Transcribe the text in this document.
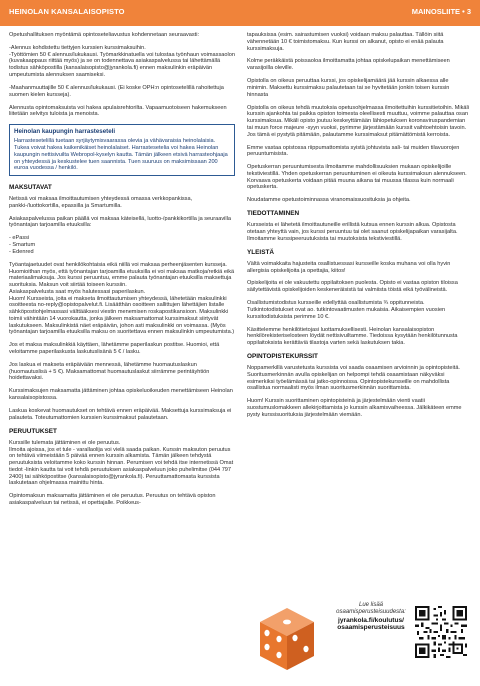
HEINOLAN KANSALAISOPISTO	MAINOSLIITE • 3

Opetushallituksen myöntämä opintoseteliavustus kohdennetaan seuraavasti:

-Alennus kohdistettu tiettyjen kurssien kurssimaksuihin.

-Työttömien 50 € alennus/lukukausi. Työmarkkinatuella voi tulostaa työnhaun voimassaolon (kuvakaappaus riittää myös) ja se on todennettava asiakaspalvelussa tai lähettämällä todistus sähköpostilla (kansalaisopisto@jyrankola.fi) ennen maksulinkin eräpäivän umpeutumista alennuksen saamiseksi.

-Maahanmuuttajille 50 € alennus/lukukausi. (Ei koske OPH:n opintosetelillä rahoitettuja suomen kielen kursseja).

Alennusta opintomaksuista voi hakea apulaisrehtorilta. Vapaamuotoiseen hakemukseen liitetään selvitys tuloista ja menoista.

Heinolan kaupungin harrasteseteli

Harrastesetelillä tuetaan syrjäytymisvaarassa olevia ja vähävaraisia heinolalaisia. Tukea voivat hakea kaikenikäiset heinolalaiset. Harrastesetelia voi hakea Heinolan kaupungin nettisivuilta Webropol-kyselyn kautta. Tämän jälkeen etsivä harrasteohjaaja on yhteydessä ja keskustelee tuen saannista. Tuen suuruus on maksimissaan 200 euroa vuodessa / henkilö.

MAKSUTAVAT

Netissä voi maksaa ilmoittautumisen yhteydessä omassa verkkopankissa, pankki-/luottokortilla, epassilla ja Smartumilla.

Asiakaspalvelussa paikan päällä voi maksaa käteisellä, luotto-/pankkikortilla ja seuraavilla työnantajan tarjoamilla etuuksilla:

- ePassi
- Smartum
- Edenred

Työantajaetuudet ovat henkilökohtaisia eikä niillä voi maksaa perheenjäsenten kursseja. Huomioithan myös, että työnantajan tarjoamilla etuuksilla ei voi maksaa matkoja/retkiä eikä materiaalimaksuja. Jos kurssi peruuntuu, emme palauta työnantajan etuuksilla maksettuja suorituksia. Maksun voit siirtää toiseen kurssiin.

Asiakaspalvelusta saat myös halutessasi paperilaskun.

Huom! Kursseista, joita ei makseta ilmoittautumisen yhteydessä, lähetetään maksulinkki osoitteesta no-reply@opistopalvelut.fi. Lisäätthän osoitteen sallittujen lähettäjien listalle sähköpostiohjelmassasi välttääksesi viestin menemisen roskapostikansioon. Maksulinkki toimii vähintään 14 vuorokautta, jonka jälkeen maksamattomat kurssimaksut siirtyvät laskutukseen. Maksulinkistä näet eräpäivän, johon asti maksulinkki on voimassa. (Myös työnantajan tarjoamilla etuuksilla maksu on suoritettava ennen maksulinkin umpeutumista.)

Jos et maksa maksulinkkiä käyttäen, lähetämme paperilaskun postitse. Huomioi, että veloitamme paperilaskusta laskutuslisänä 5 € / lasku.

Jos laskua ei makseta eräpäivään mennessä, lähetämme huomautuslaskun (huomautuslisä + 5 €). Maksamattomat huomautuslaskut siirrämme perintäyhtiön hoidettavaksi.

Kurssimaksujen maksamatta jättäminen johtaa opiskeluoikeuden menettämiseen Heinolan kansalaisopistossa.

Laskua koskevat huomautukset on tehtävä ennen eräpäivää. Maksettuja kurssimaksuja ei palauteta. Toteutumattomien kurssien kurssimaksut palautetaan.

PERUUTUKSET

Kurssille tulemata jättäminen ei ole peruutus.

Ilmoita ajoissa, jos et tule - varallaolija voi vielä saada paikan. Kurssin maksuton peruutus on tehtävä viimeistään 5 päivää ennen kurssin alkamista. Tämän jälkeen tehdystä peruutuksista veloitamme koko kurssin hinnan. Perumisen voi tehdä itse internetissä Omat tiedot -linkin kautta tai voit tehdä peruutuksen asiakaspalveluun joko puhelimitse (044 797 2400) tai sähköpostitse (kansalaisopisto@jyrankola.fi). Peruuttamattomasta kurssista laskutetaan ohjelmassa mainittu hinta.

Opintomaksun maksamatta jättäminen ei ole peruutus. Peruutus on tehtävä opiston asiakaspalveluun tai netissä, ei opettajalle. Poikkeus-

tapauksissa (esim. sairastumisen vuoksi) voidaan maksu palauttaa. Tällöin siitä vähennetään 10 € toimistomaksu. Kun kurssi on alkanut, opisto ei enää palauta kurssimaksuja.

Kolme peräkkäistä poissaoloa ilmoittamatta johtaa opiskelupaikan menettämiseen varasijoilla oleville.

Opistolla on oikeus peruuttaa kurssi, jos opiskelijamäärä jää kurssin alkaessa alle minimin. Maksettu kurssimaksu palautetaan tai se hyvitetään jonkin toisen kurssin hinnasta

Opistolla on oikeus tehdä muutoksia opetusohjelmassa ilmoitettuihin kurssitietoihin. Mikäli kurssin ajankohta tai paikka opiston toimesta oleellisesti muuttuu, voimme palauttaa osan kurssimaksua. Mikäli opisto joutuu keskeyttämään lähiopetuksen koronaviruspandemian tai muun force majeure -syyn vuoksi, pyrimme järjestämään kurssit vaihtoehtoisin tavoin. Jos tämä ei pystytä pitämään, palautamme kurssimaksut pitämättömistä kerroista.

Emme vastaa opistossa riippumattomista syistä johtuvista sali- tai muiden tilavuorojen peruuntumisista.

Opetuskerran peruuntumisesta ilmoitamme mahdollisuuksien mukaan opiskelijoille tekstiviestillä. Yhden opetuskerran peruuntuminen ei oikeuta kurssimaksun alennukseen. Korvaava opetuskerta voidaan pitää muuna aikana tai muussa tilassa kuin normaali opetuskerta.

Noudatamme opetustoiminnassa viranomaissuosituksia ja ohjeita.

TIEDOTTAMINEN

Kursseista ei lähetetä ilmoittautuneille erillistä kutsua ennen kurssin alkua. Opistosta otetaan yhteyttä vain, jos kurssi peruuntuu tai olet saanut opiskelijapaikan varasijalta. Ilmoitamme kurssipeeruutuksista tai muutoksista tekstiviestillä.

YLEISTÄ

Vältä voimakkaita hajusteita osallistuessasi kursseille koska muhana voi olla hyvin allergisia opiskelijoita ja opettajia, kiitos!

Opiskelijoita ei ole vakuutettu oppilaitoksen puolesta. Opisto ei vastaa opiston tiloissa säilytettävistä opiskelijoiden keskeneräisistä tai valmiista töistä eikä työvälineistä.

Osallistumistodistus kursseille edellyttää osallistumista ¾ oppitunneista. Tutkintotodistukset ovat ao. tutkintovaatimusten mukaisia. Aikaisempien vuosien kurssitodistuksista perimme 10 €.

Käsittelemme henkilötietojasi luottamuksellisesti. Heinolan kansalaisopiston henkilörekisteriselosteen löydät nettisivuiltamme. Tiedoissa kysytään henkilötunnusta oppilaitoksista kerättäviä tilastoja varten sekä laskutuksen takia.

OPINTOPISTEKURSSIT

Noppamerkillä varustetusta kurssista voi saada osaamisen arvioinnin ja opintopisteitä. Suoritusmerkinnän avulla opiskelijan on helpompi tehdä osaamistaan näkyväksi esimerkiksi työelämässä tai jatko-opinnoissa. Opintopistekursseille on mahdollista osallistua normaalisti myös ilman suoritusmerkinnän suorittamista.

Huom! Kurssin suorittaminen opintopisteinä ja järjestelmään vienti vaatii suostumuslomakkeen allekirjoittamista jo kurssin alkamisvaiheessa. Jälkikäteen emme pysty kurssisuorituksia järjestelmään viemään.

Lue lisää
osaamisperusteisuudesta:
jyrankola.fi/koulutus/
osaamisperusteisuus
